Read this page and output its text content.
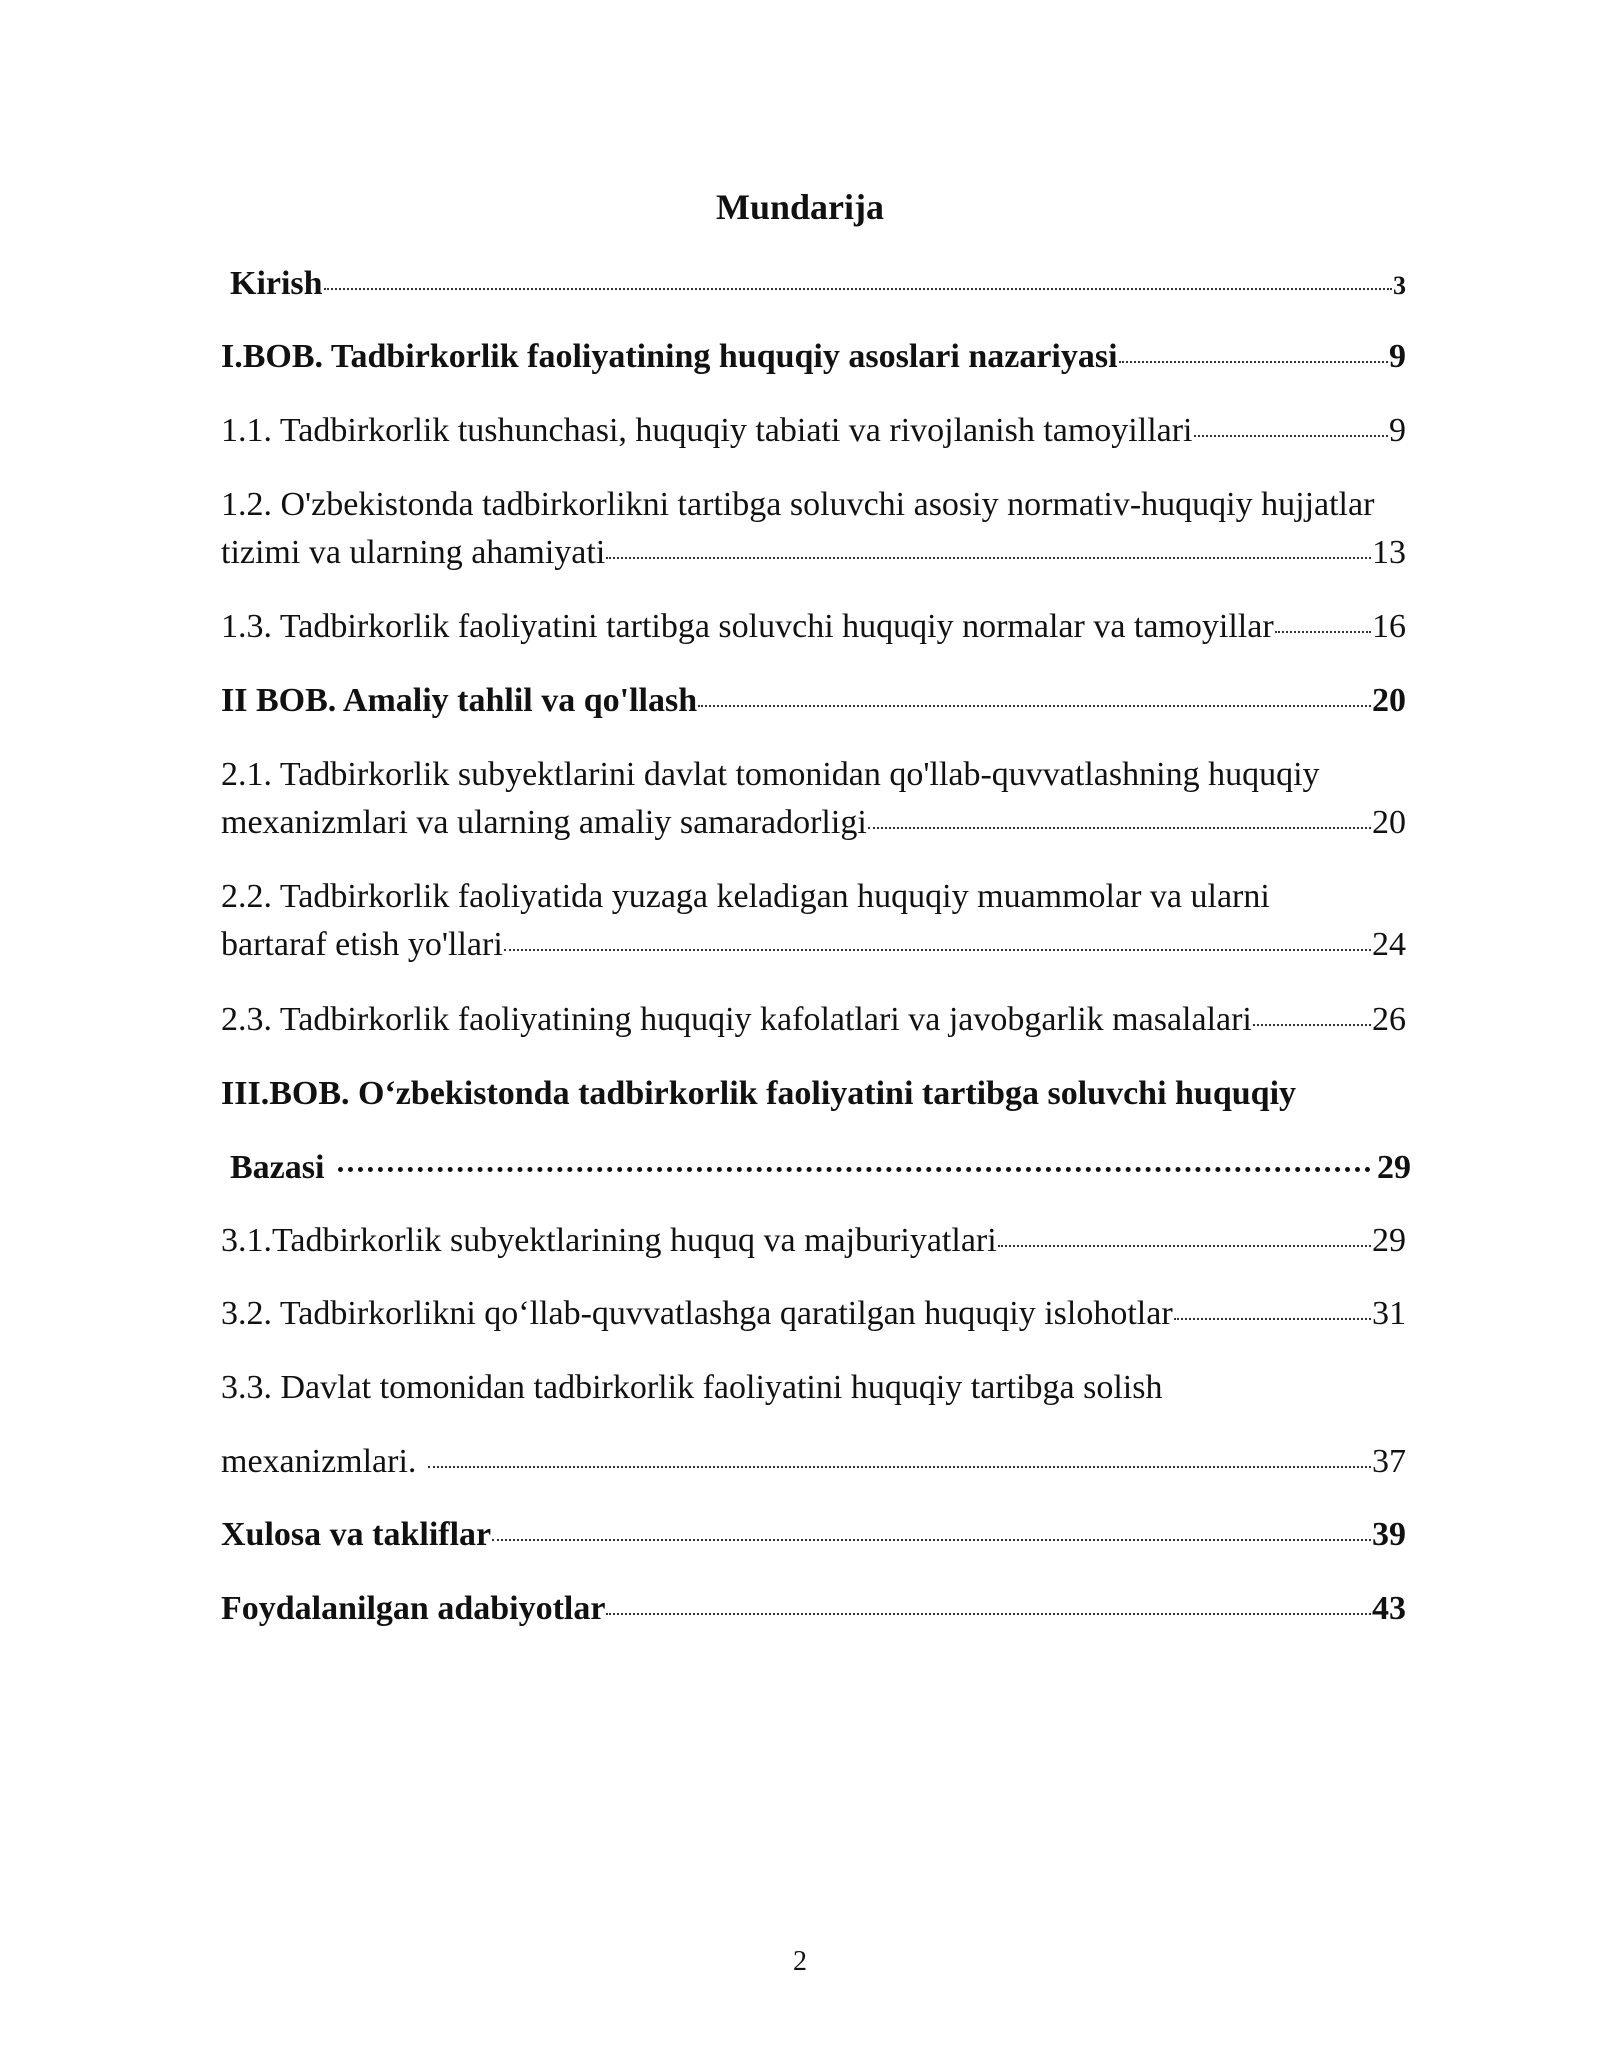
Mundarija
Kirish	3
I.BOB. Tadbirkorlik faoliyatining huquqiy asoslari nazariyasi	9
1.1. Tadbirkorlik tushunchasi, huquqiy tabiati va rivojlanish tamoyillari	9
1.2. O'zbekistonda tadbirkorlikni tartibga soluvchi asosiy normativ-huquqiy hujjatlar
tizimi va ularning ahamiyati	13
1.3. Tadbirkorlik faoliyatini tartibga soluvchi huquqiy normalar va tamoyillar	16
II BOB. Amaliy tahlil va qo'llash	20
2.1. Tadbirkorlik subyektlarini davlat tomonidan qo'llab-quvvatlashning huquqiy
mexanizmlari va ularning amaliy samaradorligi	20
2.2. Tadbirkorlik faoliyatida yuzaga keladigan huquqiy muammolar va ularni
bartaraf etish yo'llari	24
2.3. Tadbirkorlik faoliyatining huquqiy kafolatlari va javobgarlik masalalari	26
III.BOB. O‘zbekistonda tadbirkorlik faoliyatini tartibga soluvchi huquqiy
Bazasi	29
3.1.Tadbirkorlik subyektlarining huquq va majburiyatlari	29
3.2. Tadbirkorlikni qo‘llab-quvvatlashga qaratilgan huquqiy islohotlar	31
3.3. Davlat tomonidan tadbirkorlik faoliyatini huquqiy tartibga solish
mexanizmlari.	37
Xulosa va takliflar	39
Foydalanilgan adabiyotlar	43
2
